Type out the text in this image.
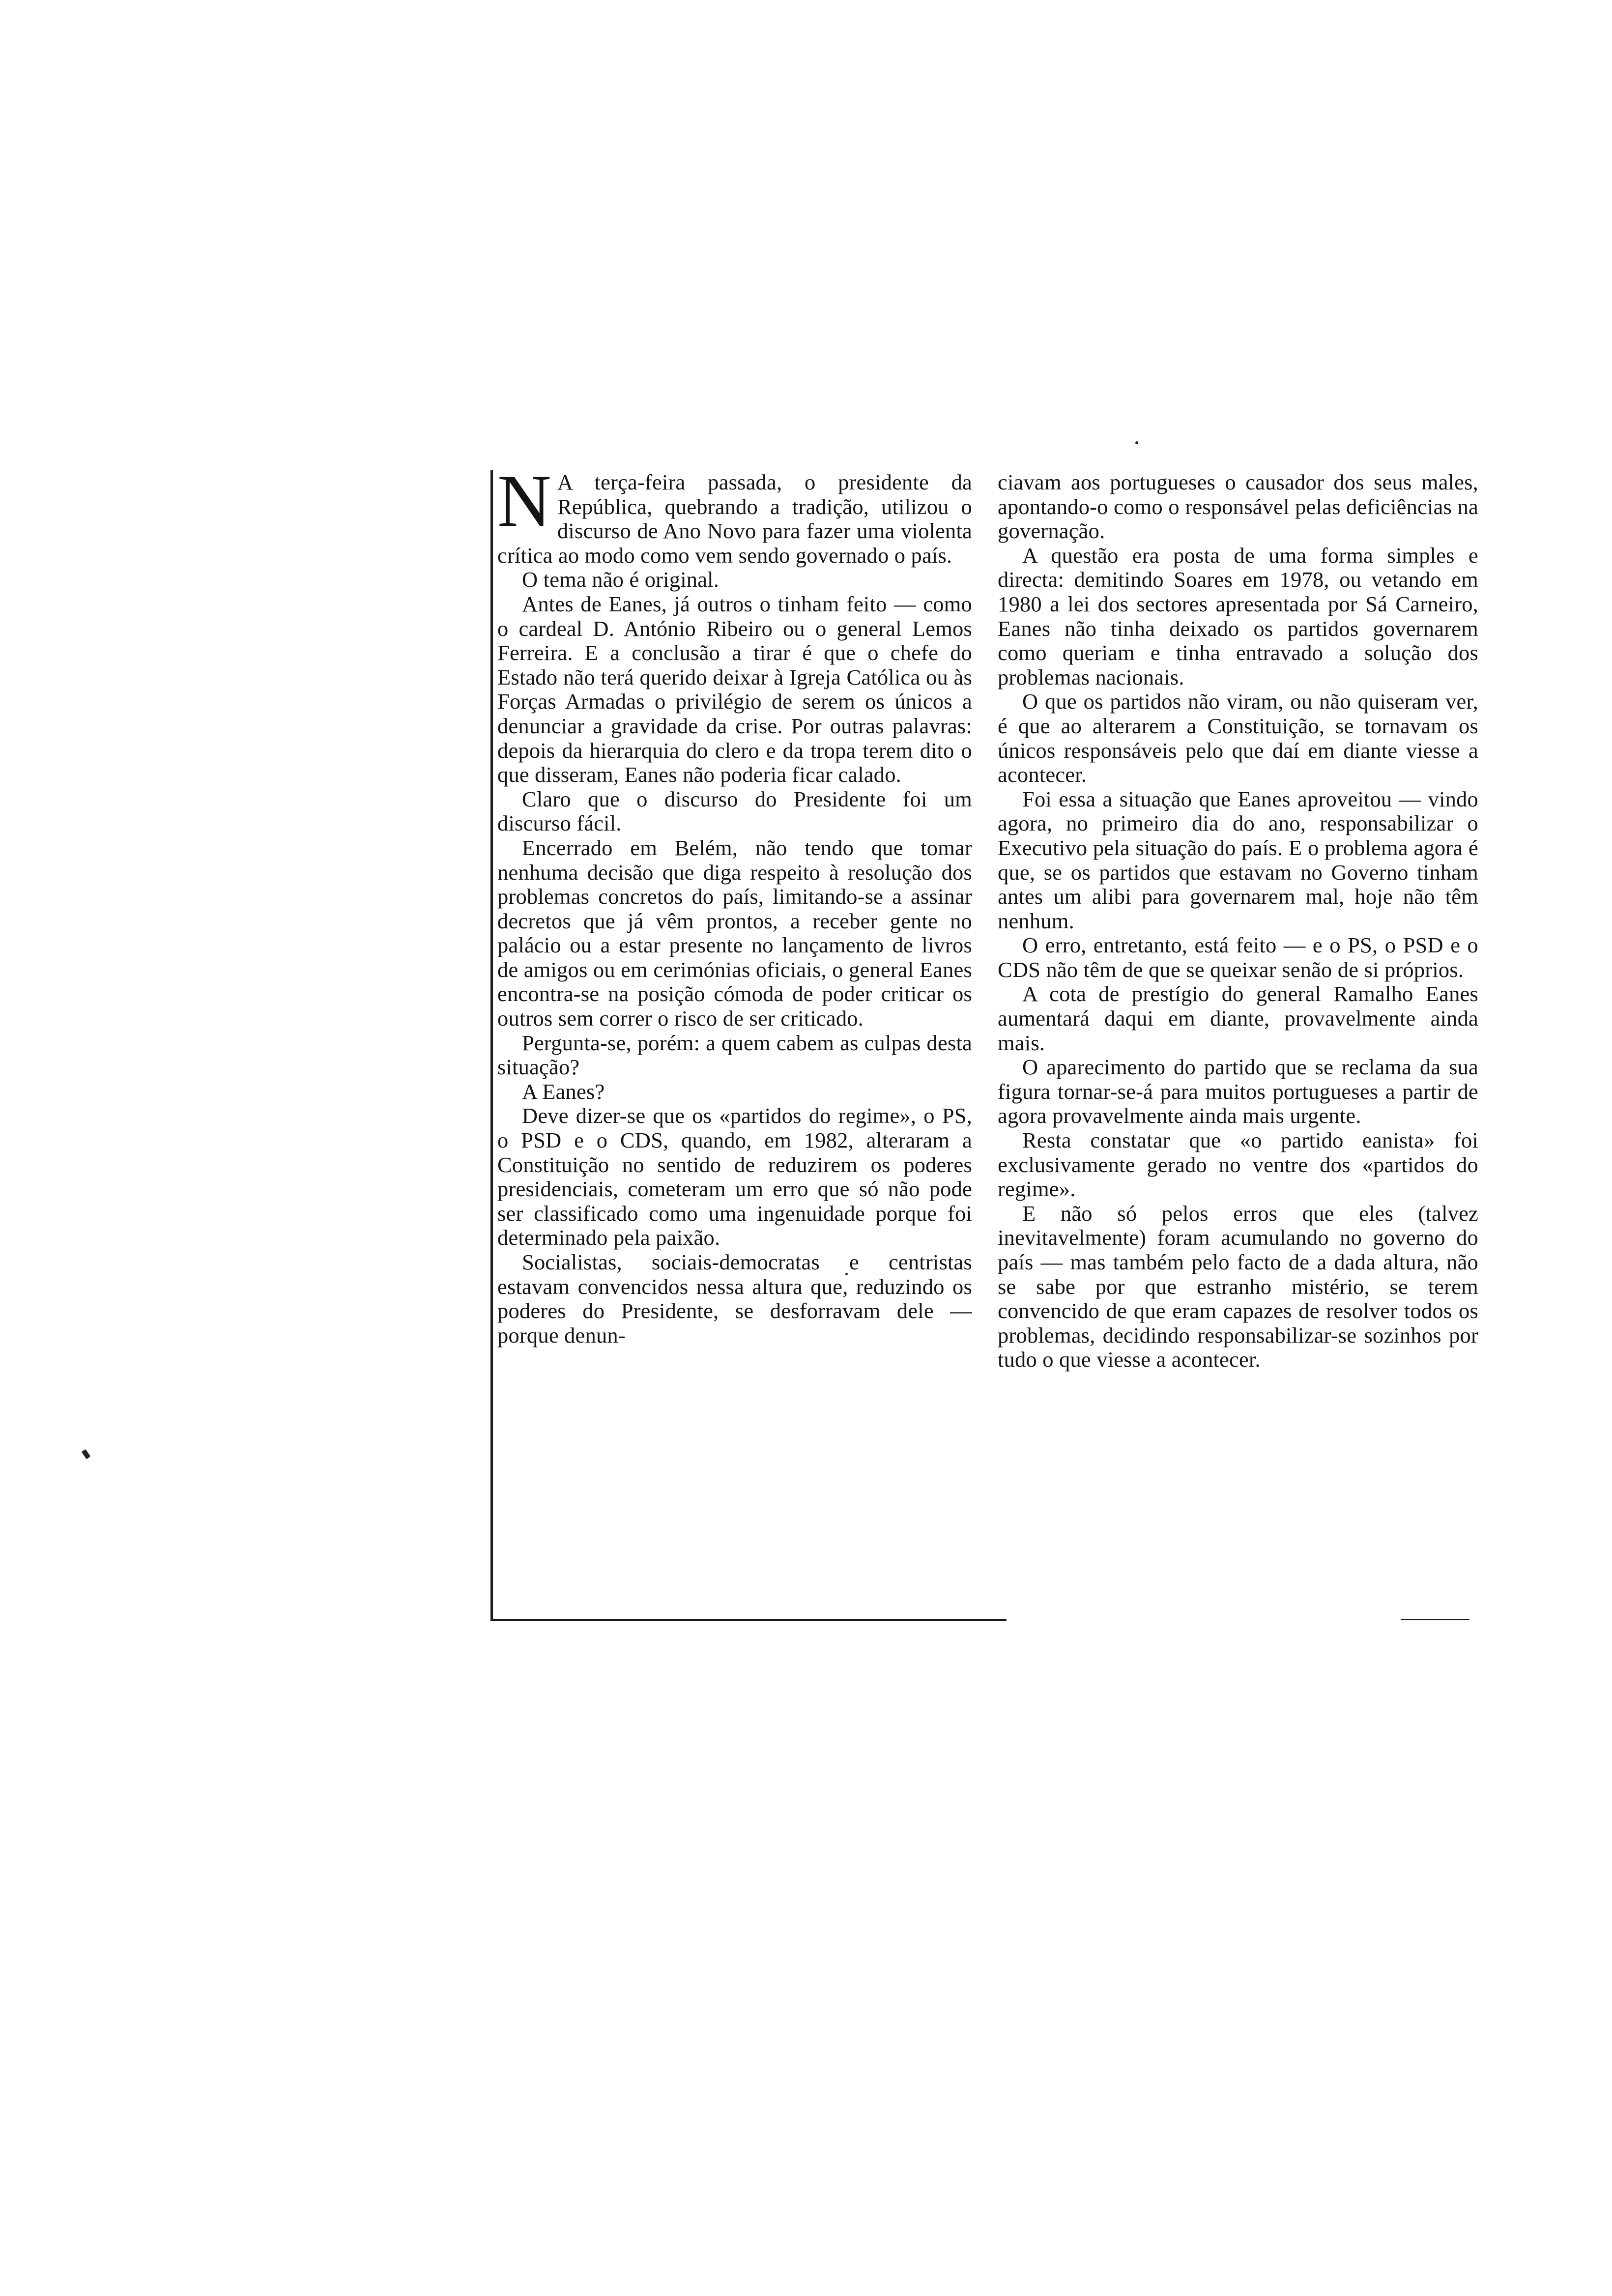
N A terça-feira passada, o presidente da República, quebrando a tradição, utilizou o discurso de Ano Novo para fazer uma violenta crítica ao modo como vem sendo governado o país.

O tema não é original.

Antes de Eanes, já outros o tinham feito — como o cardeal D. António Ribeiro ou o general Lemos Ferreira. E a conclusão a tirar é que o chefe do Estado não terá querido deixar à Igreja Católica ou às Forças Armadas o privilégio de serem os únicos a denunciar a gravidade da crise. Por outras palavras: depois da hierarquia do clero e da tropa terem dito o que disseram, Eanes não poderia ficar calado.

Claro que o discurso do Presidente foi um discurso fácil.

Encerrado em Belém, não tendo que tomar nenhuma decisão que diga respeito à resolução dos problemas concretos do país, limitando-se a assinar decretos que já vêm prontos, a receber gente no palácio ou a estar presente no lançamento de livros de amigos ou em cerimónias oficiais, o general Eanes encontra-se na posição cómoda de poder criticar os outros sem correr o risco de ser criticado.

Pergunta-se, porém: a quem cabem as culpas desta situação?

A Eanes?

Deve dizer-se que os «partidos do regime», o PS, o PSD e o CDS, quando, em 1982, alteraram a Constituição no sentido de reduzirem os poderes presidenciais, cometeram um erro que só não pode ser classificado como uma ingenuidade porque foi determinado pela paixão.

Socialistas, sociais-democratas e centristas estavam convencidos nessa altura que, reduzindo os poderes do Presidente, se desforravam dele — porque denun-

ciavam aos portugueses o causador dos seus males, apontando-o como o responsável pelas deficiências na governação.

A questão era posta de uma forma simples e directa: demitindo Soares em 1978, ou vetando em 1980 a lei dos sectores apresentada por Sá Carneiro, Eanes não tinha deixado os partidos governarem como queriam e tinha entravado a solução dos problemas nacionais.

O que os partidos não viram, ou não quiseram ver, é que ao alterarem a Constituição, se tornavam os únicos responsáveis pelo que daí em diante viesse a acontecer.

Foi essa a situação que Eanes aproveitou — vindo agora, no primeiro dia do ano, responsabilizar o Executivo pela situação do país. E o problema agora é que, se os partidos que estavam no Governo tinham antes um alibi para governarem mal, hoje não têm nenhum.

O erro, entretanto, está feito — e o PS, o PSD e o CDS não têm de que se queixar senão de si próprios.

A cota de prestígio do general Ramalho Eanes aumentará daqui em diante, provavelmente ainda mais.

O aparecimento do partido que se reclama da sua figura tornar-se-á para muitos portugueses a partir de agora provavelmente ainda mais urgente.

Resta constatar que «o partido eanista» foi exclusivamente gerado no ventre dos «partidos do regime».

E não só pelos erros que eles (talvez inevitavelmente) foram acumulando no governo do país — mas também pelo facto de a dada altura, não se sabe por que estranho mistério, se terem convencido de que eram capazes de resolver todos os problemas, decidindo responsabilizar-se sozinhos por tudo o que viesse a acontecer.
